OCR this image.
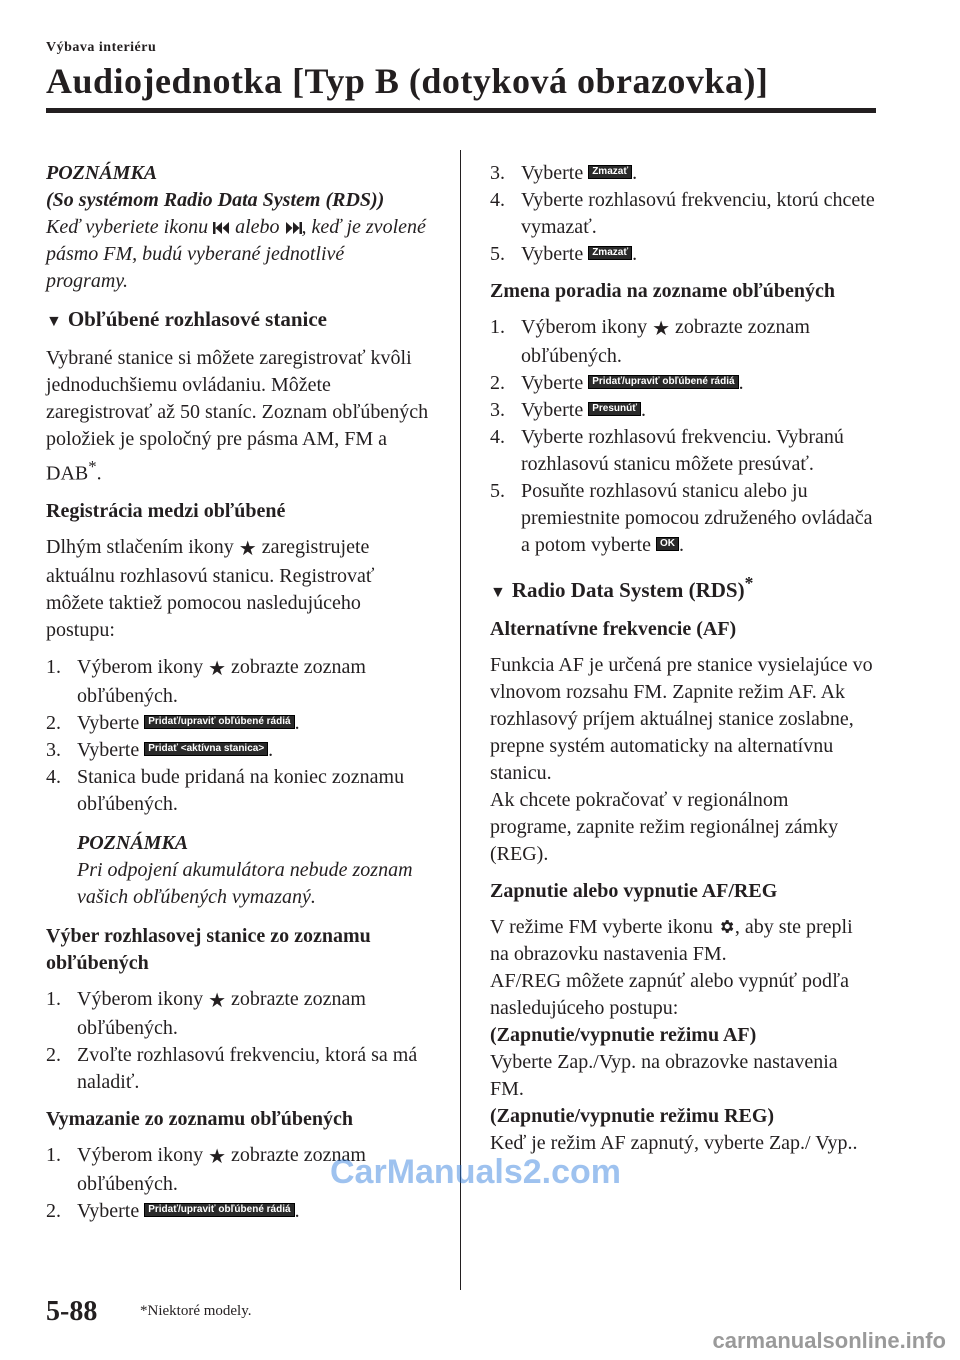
Výbava interiéru
Audiojednotka [Typ B (dotyková obrazovka)]

POZNÁMKA

(So systémom Radio Data System (RDS))

Keď vyberiete ikonu  alebo , keď je zvolené pásmo FM, budú vyberané jednotlivé programy.

▼ Obľúbené rozhlasové stanice

Vybrané stanice si môžete zaregistrovať kvôli jednoduchšiemu ovládaniu. Môžete zaregistrovať až 50 staníc. Zoznam obľúbených položiek je spoločný pre pásma AM, FM a DAB*.

Registrácia medzi obľúbené

Dlhým stlačením ikony ★ zaregistrujete aktuálnu rozhlasovú stanicu. Registrovať môžete taktiež pomocou nasledujúceho postupu:

1. Výberom ikony ★ zobrazte zoznam obľúbených.
2. Vyberte Pridať/upraviť obľúbené rádiá .
3. Vyberte Pridať <aktívna stanica> .
4. Stanica bude pridaná na koniec zoznamu obľúbených.

POZNÁMKA

Pri odpojení akumulátora nebude zoznam vašich obľúbených vymazaný.

Výber rozhlasovej stanice zo zoznamu obľúbených

1. Výberom ikony ★ zobrazte zoznam obľúbených.
2. Zvoľte rozhlasovú frekvenciu, ktorá sa má naladiť.

Vymazanie zo zoznamu obľúbených

1. Výberom ikony ★ zobrazte zoznam obľúbených.
2. Vyberte Pridať/upraviť obľúbené rádiá .
3. Vyberte Zmazať .
4. Vyberte rozhlasovú frekvenciu, ktorú chcete vymazať.
5. Vyberte Zmazať .

Zmena poradia na zozname obľúbených

1. Výberom ikony ★ zobrazte zoznam obľúbených.
2. Vyberte Pridať/upraviť obľúbené rádiá .
3. Vyberte Presunúť .
4. Vyberte rozhlasovú frekvenciu. Vybranú rozhlasovú stanicu môžete presúvať.
5. Posuňte rozhlasovú stanicu alebo ju premiestnite pomocou združeného ovládača a potom vyberte OK .

▼ Radio Data System (RDS)*

Alternatívne frekvencie (AF)

Funkcia AF je určená pre stanice vysielajúce vo vlnovom rozsahu FM. Zapnite režim AF. Ak rozhlasový príjem aktuálnej stanice zoslabne, prepne systém automaticky na alternatívnu stanicu.

Ak chcete pokračovať v regionálnom programe, zapnite režim regionálnej zámky (REG).

Zapnutie alebo vypnutie AF/REG

V režime FM vyberte ikonu , aby ste prepli na obrazovku nastavenia FM.

AF/REG môžete zapnúť alebo vypnúť podľa nasledujúceho postupu:

(Zapnutie/vypnutie režimu AF)

Vyberte Zap./Vyp. na obrazovke nastavenia FM.

(Zapnutie/vypnutie režimu REG)

Keď je režim AF zapnutý, vyberte Zap./ Vyp..

5-88	*Niektoré modely.
CarManuals2.com
carmanualsonline.info
